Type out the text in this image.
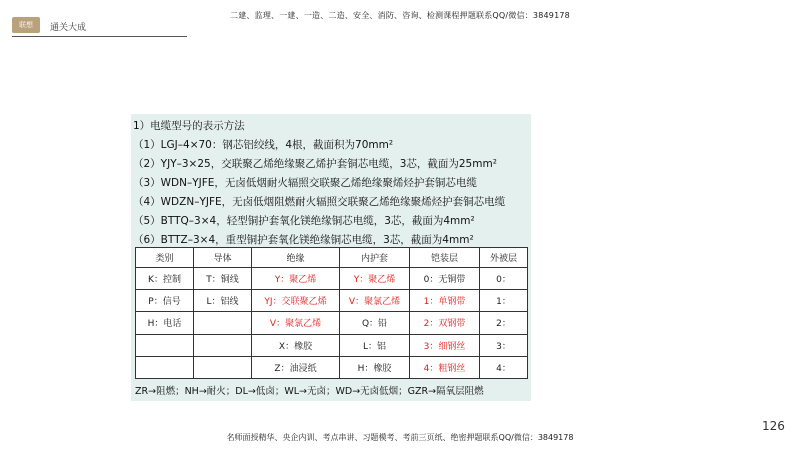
二建、监理、一建、一造、二造、安全、消防、咨询、检测课程押题联系QQ/微信：3849178
联想	通关大成
1）电缆型号的表示方法
（1）LGJ–4×70：钢芯铝绞线，4根，截面积为70mm²
（2）YJY–3×25，交联聚乙烯绝缘聚乙烯护套铜芯电缆，3芯，截面为25mm²
（3）WDN–YJFE，无卤低烟耐火辐照交联聚乙烯绝缘聚烯烃护套铜芯电缆
（4）WDZN–YJFE，无卤低烟阻燃耐火辐照交联聚乙烯绝缘聚烯烃护套铜芯电缆
（5）BTTQ–3×4，轻型铜护套氧化镁绝缘铜芯电缆，3芯，截面为4mm²
（6）BTTZ–3×4，重型铜护套氧化镁绝缘铜芯电缆，3芯，截面为4mm²
类别	导体	绝缘	内护套	铠装层	外被层
K：控制	T：铜线	Y：聚乙烯	Y：聚乙烯	0：无铜带	0：
P：信号	L：铝线	YJ：交联聚乙烯	V：聚氯乙烯	1：单钢带	1：
H：电话		V：聚氯乙烯	Q：铅	2：双钢带	2：
		X：橡胶	L：铝	3：细钢丝	3：
		Z：油浸纸	H：橡胶	4：粗钢丝	4：
ZR→阻燃；NH→耐火；DL→低卤；WL→无卤；WD→无卤低烟；GZR→隔氧层阻燃
126
名师面授精华、央企内训、考点串讲、习题模考、考前三页纸、绝密押题联系QQ/微信：3849178
